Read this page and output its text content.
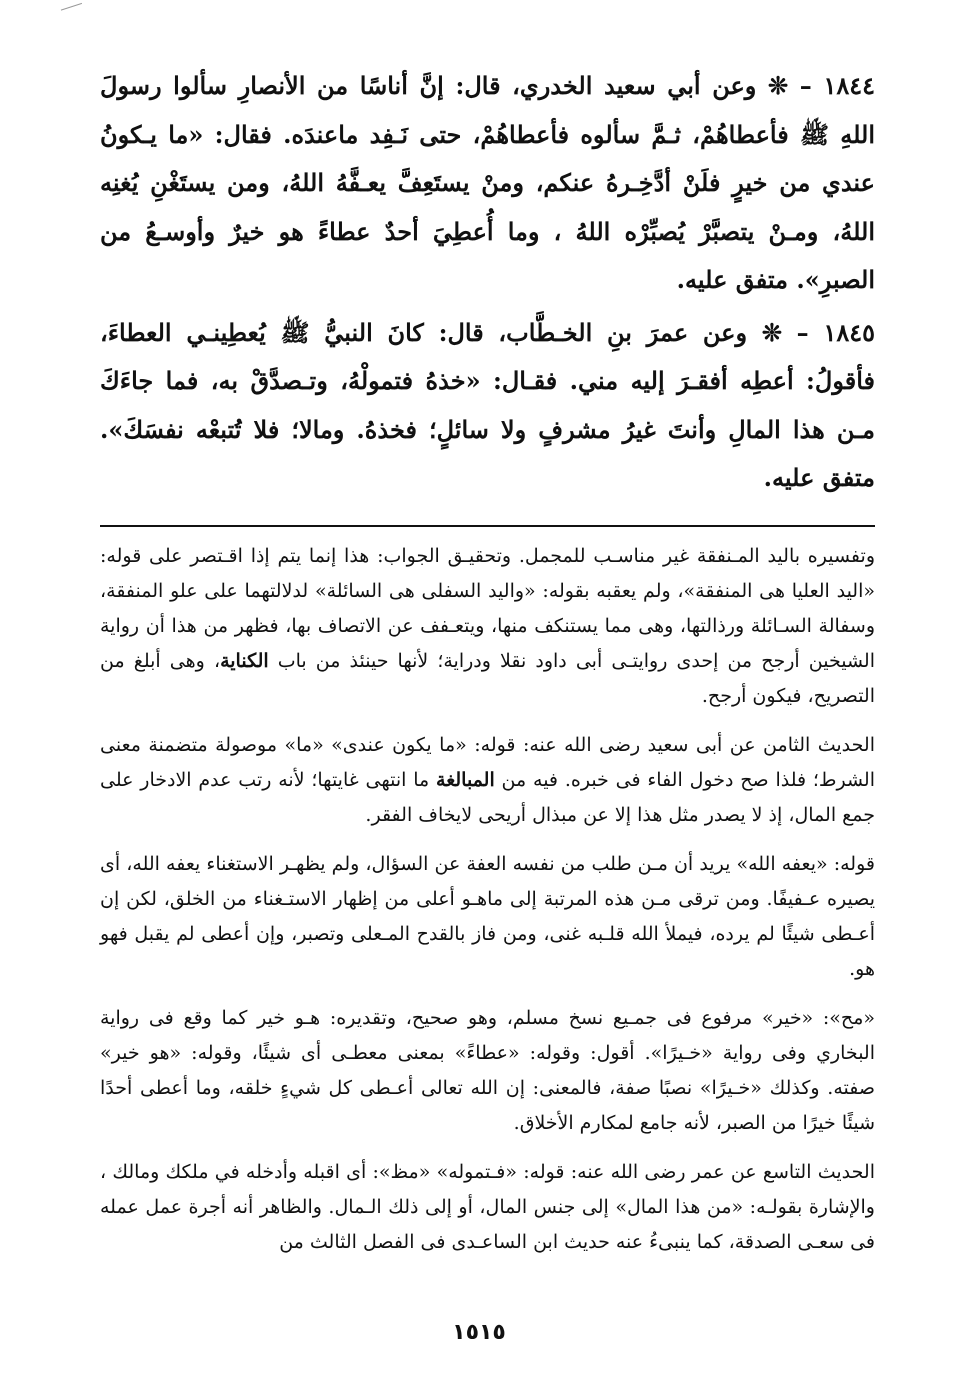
١٨٤٤ – ❊ وعن أبي سعيد الخدري، قال: إنَّ أناسًا من الأنصارِ سألوا رسولَ اللهِ ﷺ فأعطاهُمْ، ثـمَّ سألوه فأعطاهُمْ، حتى نَـفِد ماعندَه. فقال: «ما يـكونُ عندي من خيرٍ فلَنْ أدَّخِـرهُ عنكم، ومنْ يستَعِفَّ يعـفَّهُ اللهُ، ومن يستَغْنِ يُغنِه اللهُ، ومـنْ يتصبَّرْ يُصبِّرْه اللهُ ، وما أُعطِيَ أحدٌ عطاءً هو خيرٌ وأوسـعُ من الصبرِ». متفق عليه.

١٨٤٥ – ❊ وعن عمرَ بنِ الخـطَّاب، قال: كانَ النبيُّ ﷺ يُعطِينـي العطاءَ، فأقولُ: أعطِه أفقـرَ إليه مني. فقـال: «خذهُ فتمولْهُ، وتـصدَّقْ به، فما جاءَكَ مـن هذا المالِ وأنتَ غيرُ مشرفٍ ولا سائلٍ؛ فخذهُ. ومالا؛ فلا تُتبعْه نفسَكَ». متفق عليه.

وتفسيره باليد المـنفقة غير مناسـب للمجمل. وتحقيـق الجواب: هذا إنما يتم إذا اقـتصر على قوله: «اليد العليا هى المنفقة»، ولم يعقبه بقوله: «واليد السفلى هى السائلة» لدلالتهما على علو المنفقة، وسفالة السـائلة ورذالتها، وهى مما يستنكف منها، ويتعـفف عن الاتصاف بها، فظهر من هذا أن رواية الشيخين أرجح من إحدى روايتـى أبى داود نقلا ودراية؛ لأنها حينئذ من باب الكناية، وهى أبلغ من التصريح، فيكون أرجح.

الحديث الثامن عن أبى سعيد رضى الله عنه: قوله: «ما يكون عندى» «ما» موصولة متضمنة معنى الشرط؛ فلذا صح دخول الفاء فى خبره. فيه من المبالغة ما انتهى غايتها؛ لأنه رتب عدم الادخار على جمع المال، إذ لا يصدر مثل هذا إلا عن مبذال أريحى لايخاف الفقر.

قوله: «يعفه الله» يريد أن مـن طلب من نفسه العفة عن السؤال، ولم يظهـر الاستغناء يعفه الله، أى يصيره عـفيفًا. ومن ترقى مـن هذه المرتبة إلى ماهـو أعلى من إظهار الاستـغناء من الخلق، لكن إن أعـطى شيئًا لم يرده، فيملأ الله قلـبه غنى، ومن فاز بالقدح المـعلى وتصبر، وإن أعطى لم يقبل فهو هو.

«مح»: «خير» مرفوع فى جمـيع نسخ مسلم، وهو صحيح، وتقديره: هـو خير كما وقع فى رواية البخاري وفى رواية «خـيرًا». أقول: وقوله: «عطاءً» بمعنى معطـى أى شيئًا، وقوله: «هو خير» صفته. وكذلك «خـيرًا» نصبًا صفة، فالمعنى: إن الله تعالى أعـطى كل شيءٍ خلقه، وما أعطى أحدًا شيئًا خيرًا من الصبر، لأنه جامع لمكارم الأخلاق.

الحديث التاسع عن عمر رضى الله عنه: قوله: «فـتموله» «مظ»: أى اقبله وأدخله في ملكك ومالك ، والإشارة بقولـه: «من هذا المال» إلى جنس المال، أو إلى ذلك الـمال. والظاهر أنه أجرة عمل عمله فى سعـى الصدقة، كما ينبىءُ عنه حديث ابن الساعـدى فى الفصل الثالث من

١٥١٥
